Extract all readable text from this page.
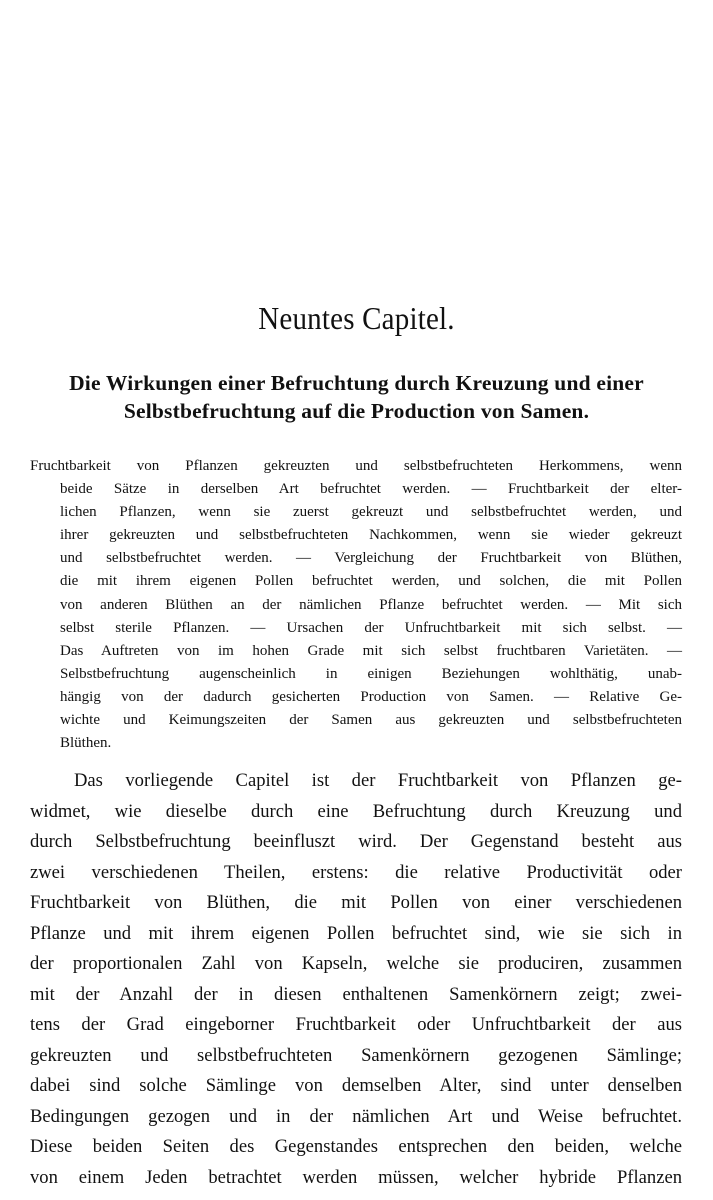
Neuntes Capitel.
Die Wirkungen einer Befruchtung durch Kreuzung und einer
Selbstbefruchtung auf die Production von Samen.
Fruchtbarkeit von Pflanzen gekreuzten und selbstbefruchteten Herkommens, wenn
beide Sätze in derselben Art befruchtet werden. — Fruchtbarkeit der elter-
lichen Pflanzen, wenn sie zuerst gekreuzt und selbstbefruchtet werden, und
ihrer gekreuzten und selbstbefruchteten Nachkommen, wenn sie wieder gekreuzt
und selbstbefruchtet werden. — Vergleichung der Fruchtbarkeit von Blüthen,
die mit ihrem eigenen Pollen befruchtet werden, und solchen, die mit Pollen
von anderen Blüthen an der nämlichen Pflanze befruchtet werden. — Mit sich
selbst sterile Pflanzen. — Ursachen der Unfruchtbarkeit mit sich selbst. —
Das Auftreten von im hohen Grade mit sich selbst fruchtbaren Varietäten. —
Selbstbefruchtung augenscheinlich in einigen Beziehungen wohlthätig, unab-
hängig von der dadurch gesicherten Production von Samen. — Relative Ge-
wichte und Keimungszeiten der Samen aus gekreuzten und selbstbefruchteten
Blüthen.
Das vorliegende Capitel ist der Fruchtbarkeit von Pflanzen ge-
widmet, wie dieselbe durch eine Befruchtung durch Kreuzung und
durch Selbstbefruchtung beeinfluszt wird. Der Gegenstand besteht aus
zwei verschiedenen Theilen, erstens: die relative Productivität oder
Fruchtbarkeit von Blüthen, die mit Pollen von einer verschiedenen
Pflanze und mit ihrem eigenen Pollen befruchtet sind, wie sie sich in
der proportionalen Zahl von Kapseln, welche sie produciren, zusammen
mit der Anzahl der in diesen enthaltenen Samenkörnern zeigt; zwei-
tens der Grad eingeborner Fruchtbarkeit oder Unfruchtbarkeit der aus
gekreuzten und selbstbefruchteten Samenkörnern gezogenen Sämlinge;
dabei sind solche Sämlinge von demselben Alter, sind unter denselben
Bedingungen gezogen und in der nämlichen Art und Weise befruchtet.
Diese beiden Seiten des Gegenstandes entsprechen den beiden, welche
von einem Jeden betrachtet werden müssen, welcher hybride Pflanzen
